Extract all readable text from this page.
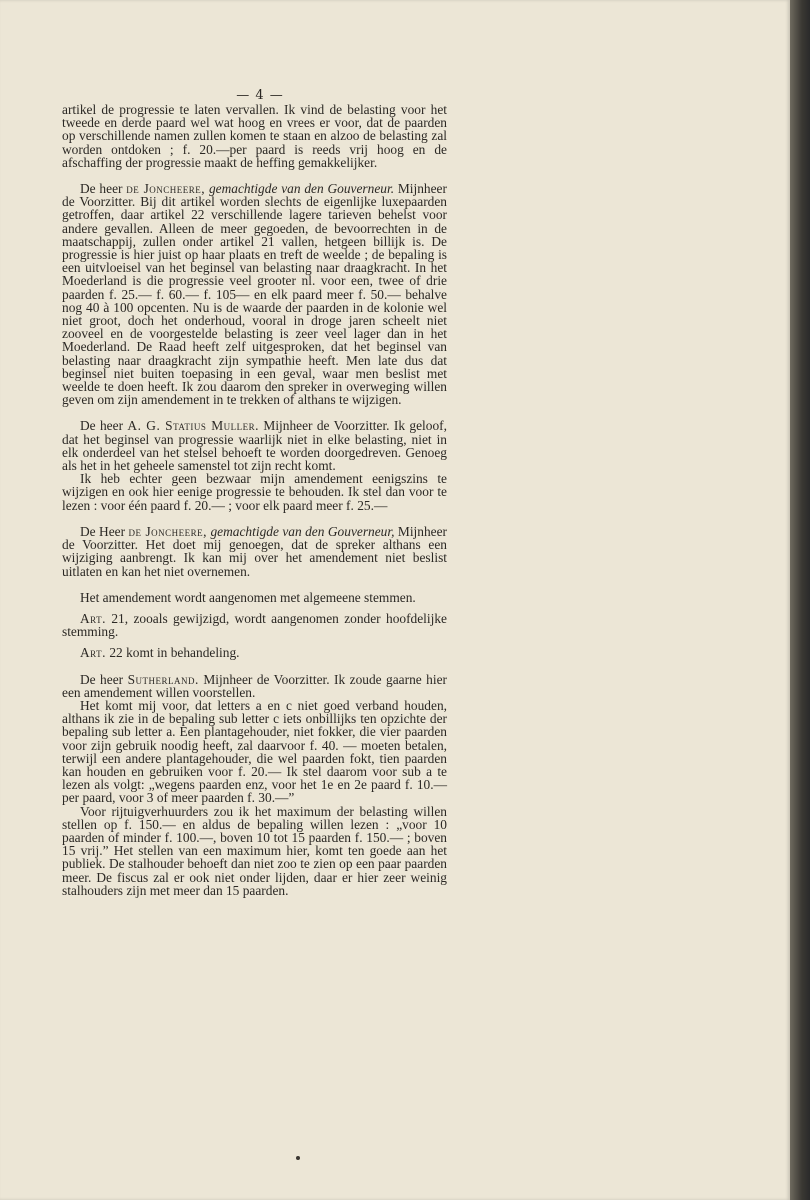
— 4 —

artikel de progressie te laten vervallen. Ik vind de belasting voor het tweede en derde paard wel wat hoog en vrees er voor, dat de paarden op verschillende namen zullen komen te staan en alzoo de belasting zal worden ontdoken ; f. 20.—per paard is reeds vrij hoog en de afschaffing der progressie maakt de heffing gemakkelijker.

De heer de Joncheere, gemachtigde van den Gouverneur. Mijnheer de Voorzitter. Bij dit artikel worden slechts de eigenlijke luxepaarden getroffen, daar artikel 22 verschillende lagere tarieven behelst voor andere gevallen. Alleen de meer gegoeden, de bevoorrechten in de maatschappij, zullen onder artikel 21 vallen, hetgeen billijk is. De progressie is hier juist op haar plaats en treft de weelde ; de bepaling is een uitvloeisel van het beginsel van belasting naar draagkracht. In het Moederland is die progressie veel grooter nl. voor een, twee of drie paarden f. 25.— f. 60.— f. 105— en elk paard meer f. 50.— behalve nog 40 à 100 opcenten. Nu is de waarde der paarden in de kolonie wel niet groot, doch het onderhoud, vooral in droge jaren scheelt niet zooveel en de voorgestelde belasting is zeer veel lager dan in het Moederland. De Raad heeft zelf uitgesproken, dat het beginsel van belasting naar draagkracht zijn sympathie heeft. Men late dus dat beginsel niet buiten toepasing in een geval, waar men beslist met weelde te doen heeft. Ik zou daarom den spreker in overweging willen geven om zijn amendement in te trekken of althans te wijzigen.

De heer A. G. Statius Muller. Mijnheer de Voorzitter. Ik geloof, dat het beginsel van progressie waarlijk niet in elke belasting, niet in elk onderdeel van het stelsel behoeft te worden doorgedreven. Genoeg als het in het geheele samenstel tot zijn recht komt.

Ik heb echter geen bezwaar mijn amendement eenigszins te wijzigen en ook hier eenige progressie te behouden. Ik stel dan voor te lezen : voor één paard f. 20.— ; voor elk paard meer f. 25.—

De Heer de Joncheere, gemachtigde van den Gouverneur, Mijnheer de Voorzitter. Het doet mij genoegen, dat de spreker althans een wijziging aanbrengt. Ik kan mij over het amendement niet beslist uitlaten en kan het niet overnemen.

Het amendement wordt aangenomen met algemeene stemmen.

Art. 21, zooals gewijzigd, wordt aangenomen zonder hoofdelijke stemming.

Art. 22 komt in behandeling.

De heer Sutherland. Mijnheer de Voorzitter. Ik zoude gaarne hier een amendement willen voorstellen.

Het komt mij voor, dat letters a en c niet goed verband houden, althans ik zie in de bepaling sub letter c iets onbillijks ten opzichte der bepaling sub letter a. Een plantagehouder, niet fokker, die vier paarden voor zijn gebruik noodig heeft, zal daarvoor f. 40. — moeten betalen, terwijl een andere plantagehouder, die wel paarden fokt, tien paarden kan houden en gebruiken voor f. 20.— Ik stel daarom voor sub a te lezen als volgt: „wegens paarden enz, voor het 1e en 2e paard f. 10.— per paard, voor 3 of meer paarden f. 30.—”

Voor rijtuigverhuurders zou ik het maximum der belasting willen stellen op f. 150.— en aldus de bepaling willen lezen : „voor 10 paarden of minder f. 100.—, boven 10 tot 15 paarden f. 150.— ; boven 15 vrij.” Het stellen van een maximum hier, komt ten goede aan het publiek. De stalhouder behoeft dan niet zoo te zien op een paar paarden meer. De fiscus zal er ook niet onder lijden, daar er hier zeer weinig stalhouders zijn met meer dan 15 paarden.
